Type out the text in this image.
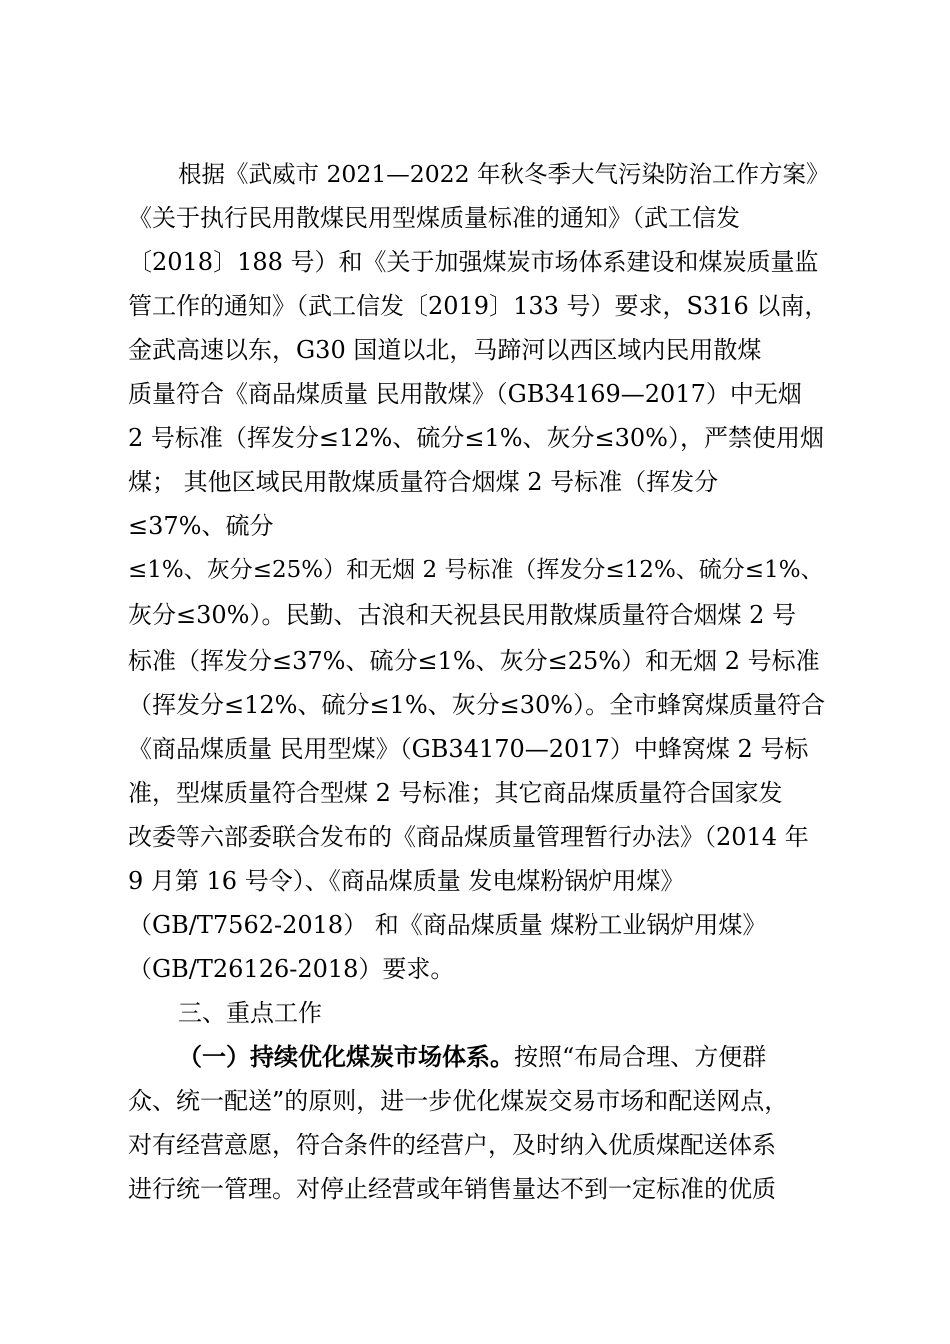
根据《武威市 2021—2022 年秋冬季大气污染防治工作方案》
《关于执行民用散煤民用型煤质量标准的通知》（武工信发
〔2018〕188 号）和《关于加强煤炭市场体系建设和煤炭质量监
管工作的通知》（武工信发〔2019〕133 号）要求，S316 以南，
金武高速以东，G30 国道以北，马蹄河以西区域内民用散煤
质量符合《商品煤质量 民用散煤》（GB34169—2017）中无烟
2 号标准（挥发分≤12%、硫分≤1%、灰分≤30%），严禁使用烟
煤； 其他区域民用散煤质量符合烟煤 2 号标准（挥发分
≤37%、硫分
≤1%、灰分≤25%）和无烟 2 号标准（挥发分≤12%、硫分≤1%、
灰分≤30%）。民勤、古浪和天祝县民用散煤质量符合烟煤 2 号
标准（挥发分≤37%、硫分≤1%、灰分≤25%）和无烟 2 号标准
（挥发分≤12%、硫分≤1%、灰分≤30%）。全市蜂窝煤质量符合
《商品煤质量 民用型煤》（GB34170—2017）中蜂窝煤 2 号标
准，型煤质量符合型煤 2 号标准；其它商品煤质量符合国家发
改委等六部委联合发布的《商品煤质量管理暂行办法》（2014 年
9 月第 16 号令）、《商品煤质量 发电煤粉锅炉用煤》
（GB/T7562-2018） 和《商品煤质量 煤粉工业锅炉用煤》
（GB/T26126-2018）要求。
三、重点工作
（一）持续优化煤炭市场体系。按照“布局合理、方便群
众、统一配送”的原则，进一步优化煤炭交易市场和配送网点，
对有经营意愿，符合条件的经营户，及时纳入优质煤配送体系
进行统一管理。对停止经营或年销售量达不到一定标准的优质
